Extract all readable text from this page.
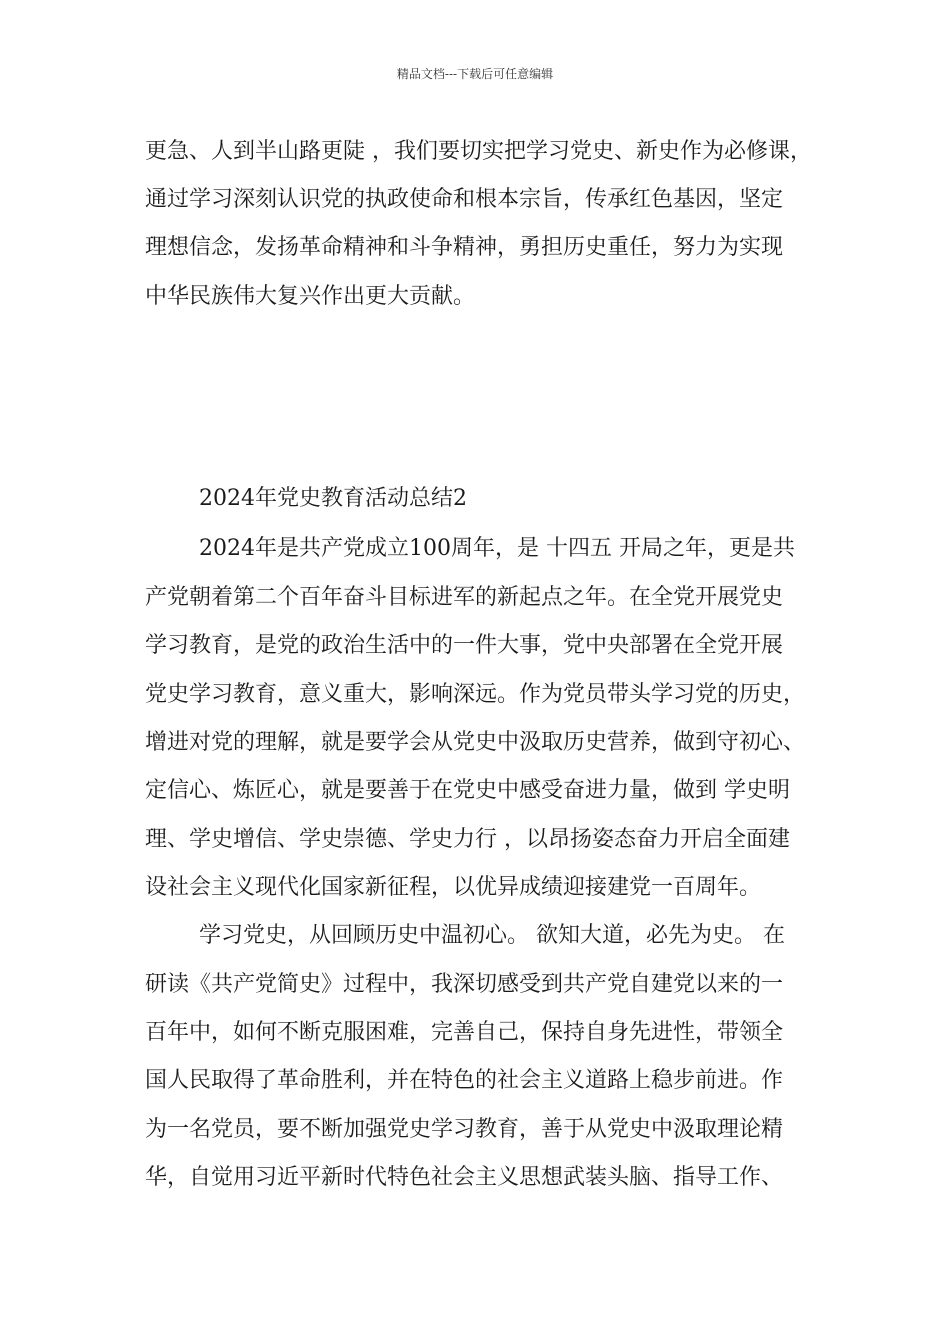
精品文档---下载后可任意编辑
更急、人到半山路更陡 ，我们要切实把学习党史、新史作为必修课，
通过学习深刻认识党的执政使命和根本宗旨，传承红色基因，坚定
理想信念，发扬革命精神和斗争精神，勇担历史重任，努力为实现
中华民族伟大复兴作出更大贡献。
2024年党史教育活动总结2
2024年是共产党成立100周年，是 十四五 开局之年，更是共
产党朝着第二个百年奋斗目标进军的新起点之年。在全党开展党史
学习教育，是党的政治生活中的一件大事，党中央部署在全党开展
党史学习教育，意义重大，影响深远。作为党员带头学习党的历史，
增进对党的理解，就是要学会从党史中汲取历史营养，做到守初心、
定信心、炼匠心，就是要善于在党史中感受奋进力量，做到 学史明
理、学史增信、学史崇德、学史力行 ，以昂扬姿态奋力开启全面建
设社会主义现代化国家新征程，以优异成绩迎接建党一百周年。
学习党史，从回顾历史中温初心。 欲知大道，必先为史。 在
研读《共产党简史》过程中，我深切感受到共产党自建党以来的一
百年中，如何不断克服困难，完善自己，保持自身先进性，带领全
国人民取得了革命胜利，并在特色的社会主义道路上稳步前进。作
为一名党员，要不断加强党史学习教育，善于从党史中汲取理论精
华，自觉用习近平新时代特色社会主义思想武装头脑、指导工作、
